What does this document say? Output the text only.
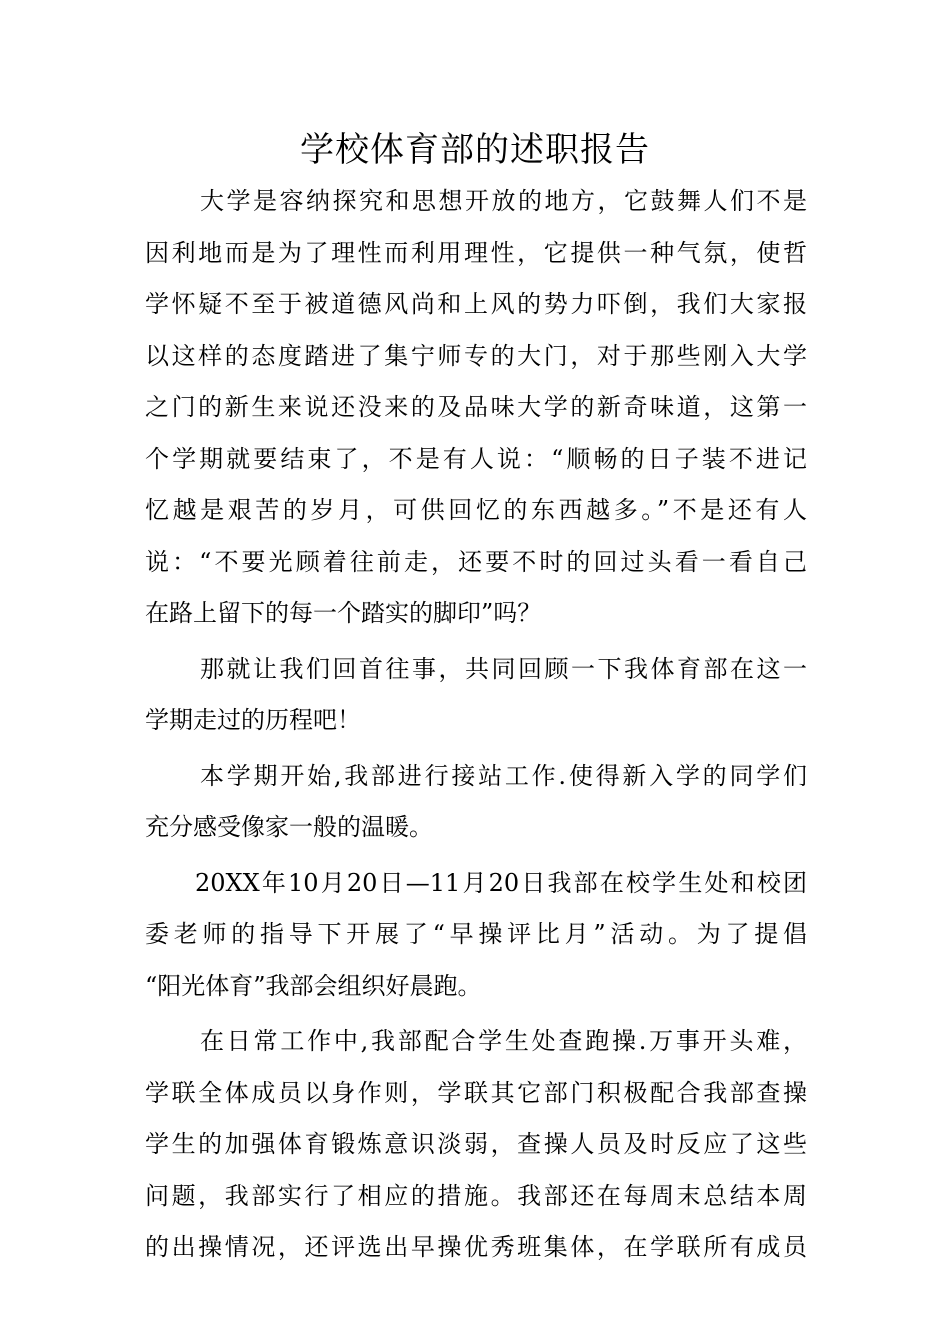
学校体育部的述职报告

大学是容纳探究和思想开放的地方，它鼓舞人们不是
因利地而是为了理性而利用理性，它提供一种气氛，使哲
学怀疑不至于被道德风尚和上风的势力吓倒，我们大家报
以这样的态度踏进了集宁师专的大门，对于那些刚入大学
之门的新生来说还没来的及品味大学的新奇味道，这第一
个学期就要结束了，不是有人说：“顺畅的日子装不进记
忆越是艰苦的岁月，可供回忆的东西越多。”不是还有人
说：“不要光顾着往前走，还要不时的回过头看一看自己
在路上留下的每一个踏实的脚印”吗？

那就让我们回首往事，共同回顾一下我体育部在这一
学期走过的历程吧！

本学期开始,我部进行接站工作.使得新入学的同学们
充分感受像家一般的温暖。

20XX年10月20日—11月20日我部在校学生处和校团
委老师的指导下开展了“早操评比月”活动。为了提倡
“阳光体育”我部会组织好晨跑。

在日常工作中,我部配合学生处查跑操.万事开头难，
学联全体成员以身作则，学联其它部门积极配合我部查操
学生的加强体育锻炼意识淡弱，查操人员及时反应了这些
问题，我部实行了相应的措施。我部还在每周末总结本周
的出操情况，还评选出早操优秀班集体，在学联所有成员
